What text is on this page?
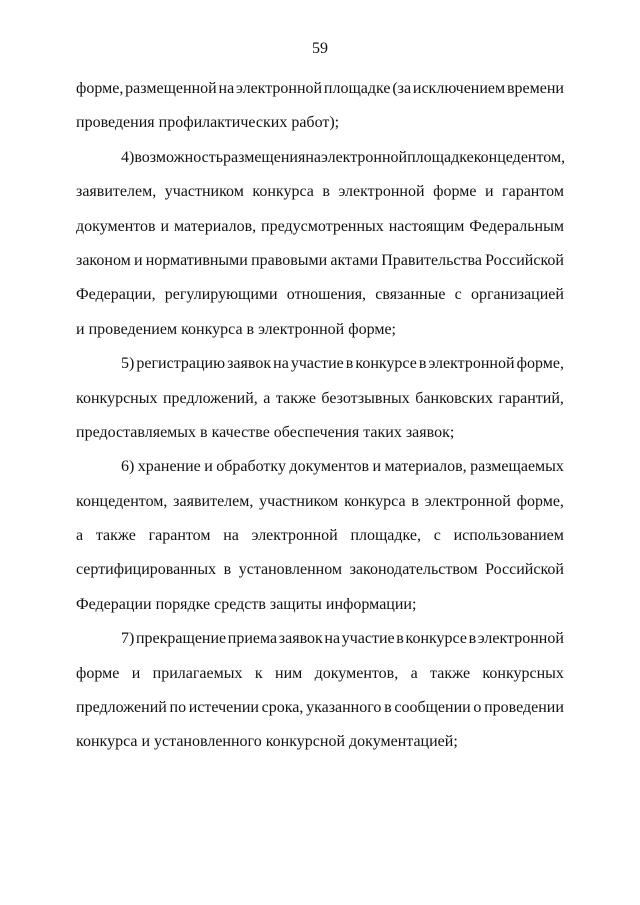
59
форме, размещенной на электронной площадке (за исключением времени
проведения профилактических работ);
4) возможность размещения на электронной площадке концедентом,
заявителем, участником конкурса в электронной форме и гарантом
документов и материалов, предусмотренных настоящим Федеральным
законом и нормативными правовыми актами Правительства Российской
Федерации, регулирующими отношения, связанные с организацией
и проведением конкурса в электронной форме;
5) регистрацию заявок на участие в конкурсе в электронной форме,
конкурсных предложений, а также безотзывных банковских гарантий,
предоставляемых в качестве обеспечения таких заявок;
6) хранение и обработку документов и материалов, размещаемых
концедентом, заявителем, участником конкурса в электронной форме,
а также гарантом на электронной площадке, с использованием
сертифицированных в установленном законодательством Российской
Федерации порядке средств защиты информации;
7) прекращение приема заявок на участие в конкурсе в электронной
форме и прилагаемых к ним документов, а также конкурсных
предложений по истечении срока, указанного в сообщении о проведении
конкурса и установленного конкурсной документацией;
